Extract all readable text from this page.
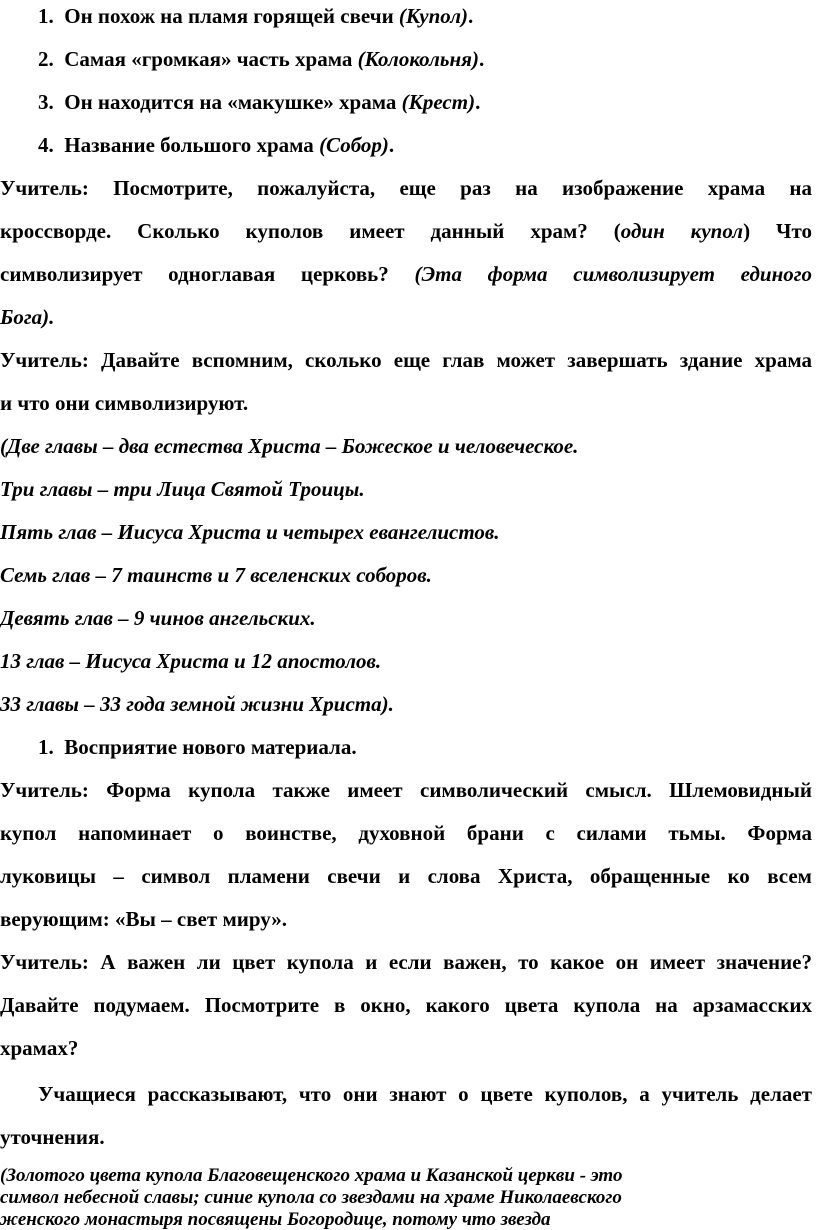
1. Он похож на пламя горящей свечи (Купол).
2. Самая «громкая» часть храма (Колокольня).
3. Он находится на «макушке» храма (Крест).
4. Название большого храма (Собор).
Учитель: Посмотрите, пожалуйста, еще раз на изображение храма на
кроссворде. Сколько куполов имеет данный храм? (один купол) Что
символизирует одноглавая церковь? (Эта форма символизирует единого
Бога).
Учитель: Давайте вспомним, сколько еще глав может завершать здание храма
и что они символизируют.
(Две главы – два естества Христа – Божеское и человеческое.
Три главы – три Лица Святой Троицы.
Пять глав – Иисуса Христа и четырех евангелистов.
Семь глав – 7 таинств и 7 вселенских соборов.
Девять глав – 9 чинов ангельских.
13 глав – Иисуса Христа и 12 апостолов.
33 главы – 33 года земной жизни Христа).
1. Восприятие нового материала.
Учитель: Форма купола также имеет символический смысл. Шлемовидный
купол напоминает о воинстве, духовной брани с силами тьмы. Форма
луковицы – символ пламени свечи и слова Христа, обращенные ко всем
верующим: «Вы – свет миру».
Учитель: А важен ли цвет купола и если важен, то какое он имеет значение?
Давайте подумаем. Посмотрите в окно, какого цвета купола на арзамасских
храмах?
Учащиеся рассказывают, что они знают о цвете куполов, а учитель делает
уточнения.
(Золотого цвета купола Благовещенского храма и Казанской церкви - это
символ небесной славы; синие купола со звездами на храме Николаевского
женского монастыря посвящены Богородице, потому что звезда
